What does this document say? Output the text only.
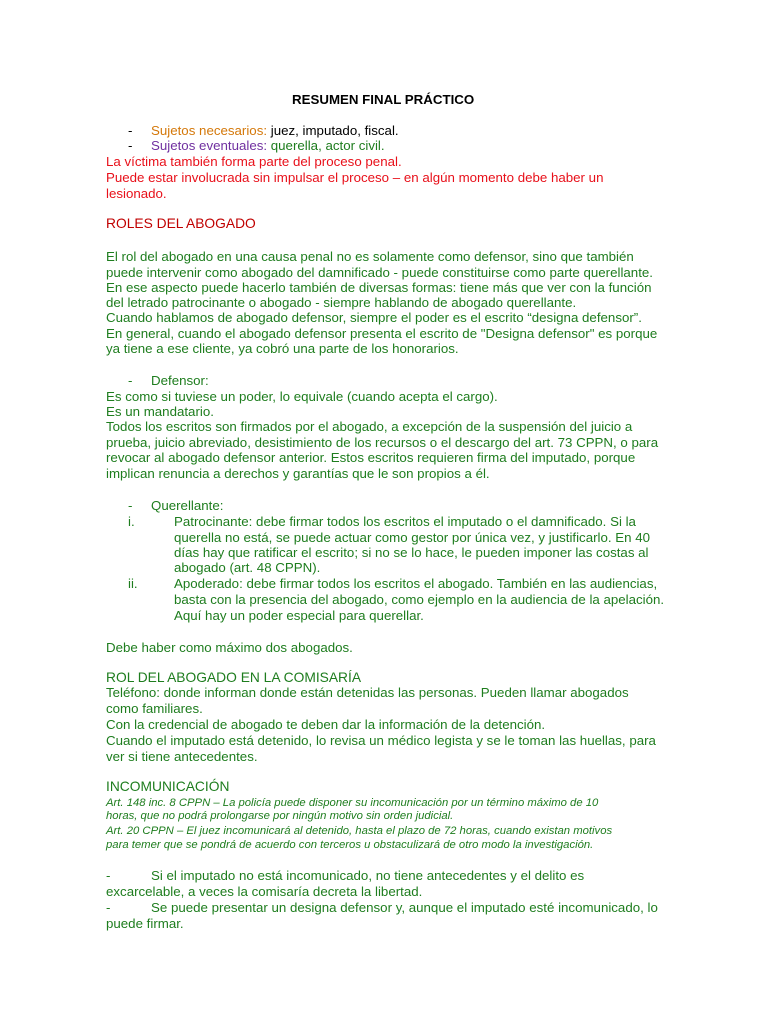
RESUMEN FINAL PRÁCTICO
- Sujetos necesarios: juez, imputado, fiscal.
- Sujetos eventuales: querella, actor civil.
La víctima también forma parte del proceso penal.
Puede estar involucrada sin impulsar el proceso – en algún momento debe haber un
lesionado.
ROLES DEL ABOGADO
El rol del abogado en una causa penal no es solamente como defensor, sino que también
puede intervenir como abogado del damnificado - puede constituirse como parte querellante.
En ese aspecto puede hacerlo también de diversas formas: tiene más que ver con la función
del letrado patrocinante o abogado - siempre hablando de abogado querellante.
Cuando hablamos de abogado defensor, siempre el poder es el escrito “designa defensor”.
En general, cuando el abogado defensor presenta el escrito de "Designa defensor" es porque
ya tiene a ese cliente, ya cobró una parte de los honorarios.
- Defensor:
Es como si tuviese un poder, lo equivale (cuando acepta el cargo).
Es un mandatario.
Todos los escritos son firmados por el abogado, a excepción de la suspensión del juicio a
prueba, juicio abreviado, desistimiento de los recursos o el descargo del art. 73 CPPN, o para
revocar al abogado defensor anterior. Estos escritos requieren firma del imputado, porque
implican renuncia a derechos y garantías que le son propios a él.
- Querellante:
i.	Patrocinante: debe firmar todos los escritos el imputado o el damnificado. Si la
querella no está, se puede actuar como gestor por única vez, y justificarlo. En 40
días hay que ratificar el escrito; si no se lo hace, le pueden imponer las costas al
abogado (art. 48 CPPN).
ii.	Apoderado: debe firmar todos los escritos el abogado. También en las audiencias,
basta con la presencia del abogado, como ejemplo en la audiencia de la apelación.
Aquí hay un poder especial para querellar.
Debe haber como máximo dos abogados.
ROL DEL ABOGADO EN LA COMISARÍA
Teléfono: donde informan donde están detenidas las personas. Pueden llamar abogados
como familiares.
Con la credencial de abogado te deben dar la información de la detención.
Cuando el imputado está detenido, lo revisa un médico legista y se le toman las huellas, para
ver si tiene antecedentes.
INCOMUNICACIÓN
Art. 148 inc. 8 CPPN – La policía puede disponer su incomunicación por un término máximo de 10
horas, que no podrá prolongarse por ningún motivo sin orden judicial.
Art. 20 CPPN – El juez incomunicará al detenido, hasta el plazo de 72 horas, cuando existan motivos
para temer que se pondrá de acuerdo con terceros u obstaculizará de otro modo la investigación.
-	Si el imputado no está incomunicado, no tiene antecedentes y el delito es
excarcelable, a veces la comisaría decreta la libertad.
-	Se puede presentar un designa defensor y, aunque el imputado esté incomunicado, lo
puede firmar.
